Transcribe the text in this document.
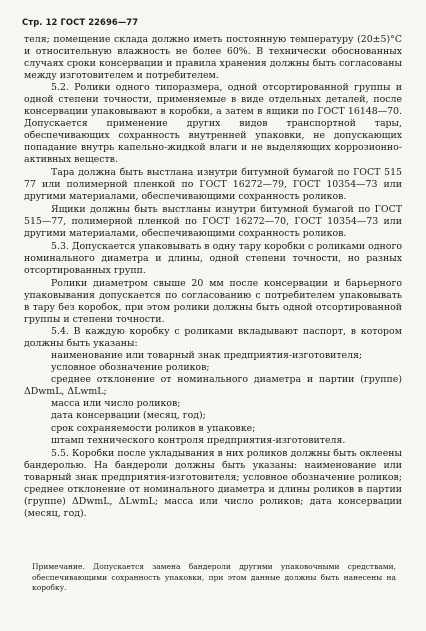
Стр. 12 ГОСТ 22696—77

теля; помещение склада должно иметь постоянную температуру (20±5)°С и относительную влажность не более 60%. В технически обоснованных случаях сроки консервации и правила хранения должны быть согласованы между изготовителем и потребителем.

5.2. Ролики одного типоразмера, одной отсортированной группы и одной степени точности, применяемые в виде отдельных деталей, после консервации упаковывают в коробки, а затем в ящики по ГОСТ 16148—70. Допускается применение других видов транспортной тары, обеспечивающих сохранность внутренней упаковки, не допускающих попадание внутрь капельно-жидкой влаги и не выделяющих коррозионно-активных веществ.

Тара должна быть выстлана изнутри битумной бумагой по ГОСТ 515 77 или полимерной пленкой по ГОСТ 16272—79, ГОСТ 10354—73 или другими материалами, обеспечивающими сохранность роликов.

Ящики должны быть выстланы изнутри битумной бумагой по ГОСТ 515—77, полимерной пленкой по ГОСТ 16272—70, ГОСТ 10354—73 или другими материалами, обеспечивающими сохранность роликов.

5.3. Допускается упаковывать в одну тару коробки с роликами одного номинального диаметра и длины, одной степени точности, но разных отсортированных групп.

Ролики диаметром свыше 20 мм после консервации и барьерного упаковывания допускается по согласованию с потребителем упаковывать в тару без коробок, при этом ролики должны быть одной отсортированной группы и степени точности.

5.4. В каждую коробку с роликами вкладывают паспорт, в котором должны быть указаны:

наименование или товарный знак предприятия-изготовителя;

условное обозначение роликов;

среднее отклонение от номинального диаметра и партии (группе) ΔDwmL, ΔLwmL;

масса или число роликов;

дата консервации (месяц, год);

срок сохраняемости роликов в упаковке;

штамп технического контроля предприятия-изготовителя.

5.5. Коробки после укладывания в них роликов должны быть оклеены бандеролью. На бандероли должны быть указаны: наименование или товарный знак предприятия-изготовителя; условное обозначение роликов; среднее отклонение от номинального диаметра и длины роликов в партии (группе) ΔDwmL, ΔLwmL; масса или число роликов; дата консервации (месяц, год).

Примечание. Допускается замена бандероли другими упаковочными средствами, обеспечивающими сохранность упаковки, при этом данные должны быть нанесены на коробку.
